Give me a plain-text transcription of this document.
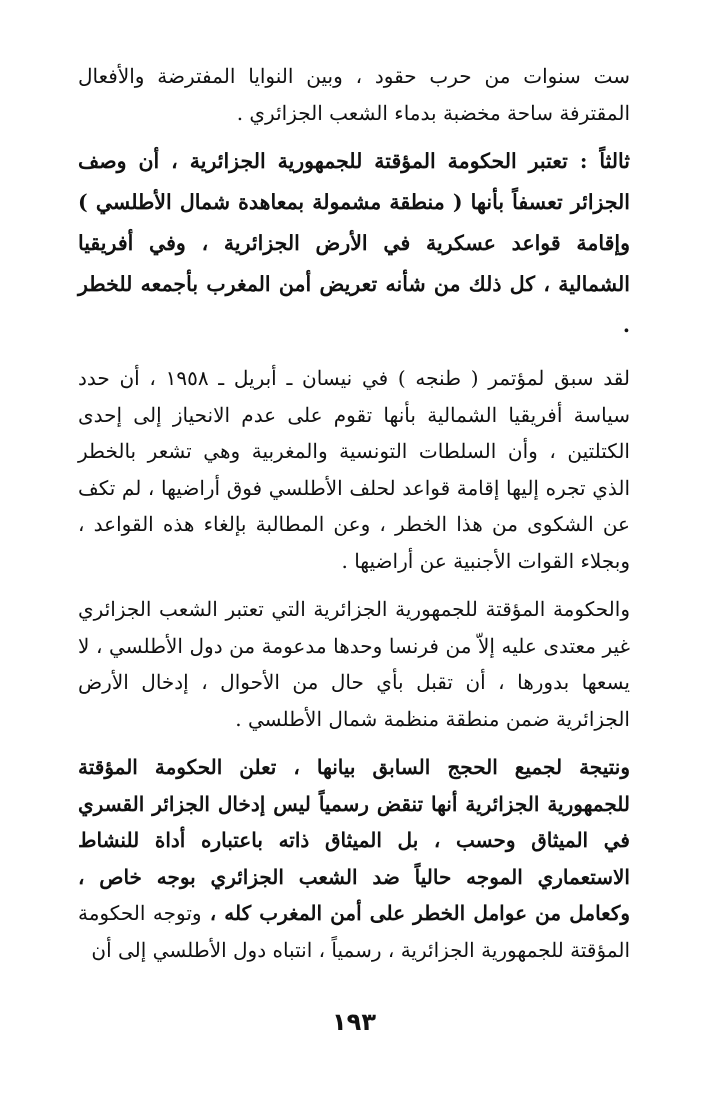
ست سنوات من حرب حقود ، وبين النوايا المفترضة والأفعال المقترفة ساحة مخضبة بدماء الشعب الجزائري .

ثالثاً : تعتبر الحكومة المؤقتة للجمهورية الجزائرية ، أن وصف الجزائر تعسفاً بأنها ( منطقة مشمولة بمعاهدة شمال الأطلسي ) وإقامة قواعد عسكرية في الأرض الجزائرية ، وفي أفريقيا الشمالية ، كل ذلك من شأنه تعريض أمن المغرب بأجمعه للخطر .

لقد سبق لمؤتمر ( طنجه ) في نيسان ـ أبريل ـ ١٩٥٨ ، أن حدد سياسة أفريقيا الشمالية بأنها تقوم على عدم الانحياز إلى إحدى الكتلتين ، وأن السلطات التونسية والمغربية وهي تشعر بالخطر الذي تجره إليها إقامة قواعد لحلف الأطلسي فوق أراضيها ، لم تكف عن الشكوى من هذا الخطر ، وعن المطالبة بإلغاء هذه القواعد ، وبجلاء القوات الأجنبية عن أراضيها .

والحكومة المؤقتة للجمهورية الجزائرية التي تعتبر الشعب الجزائري غير معتدى عليه إلاّ من فرنسا وحدها مدعومة من دول الأطلسي ، لا يسعها بدورها ، أن تقبل بأي حال من الأحوال ، إدخال الأرض الجزائرية ضمن منطقة منظمة شمال الأطلسي .

ونتيجة لجميع الحجج السابق بيانها ، تعلن الحكومة المؤقتة للجمهورية الجزائرية أنها تنقض رسمياً ليس إدخال الجزائر القسري في الميثاق وحسب ، بل الميثاق ذاته باعتباره أداة للنشاط الاستعماري الموجه حالياً ضد الشعب الجزائري بوجه خاص ، وكعامل من عوامل الخطر على أمن المغرب كله ، وتوجه الحكومة المؤقتة للجمهورية الجزائرية ، رسمياً ، انتباه دول الأطلسي إلى أن

١٩٣
